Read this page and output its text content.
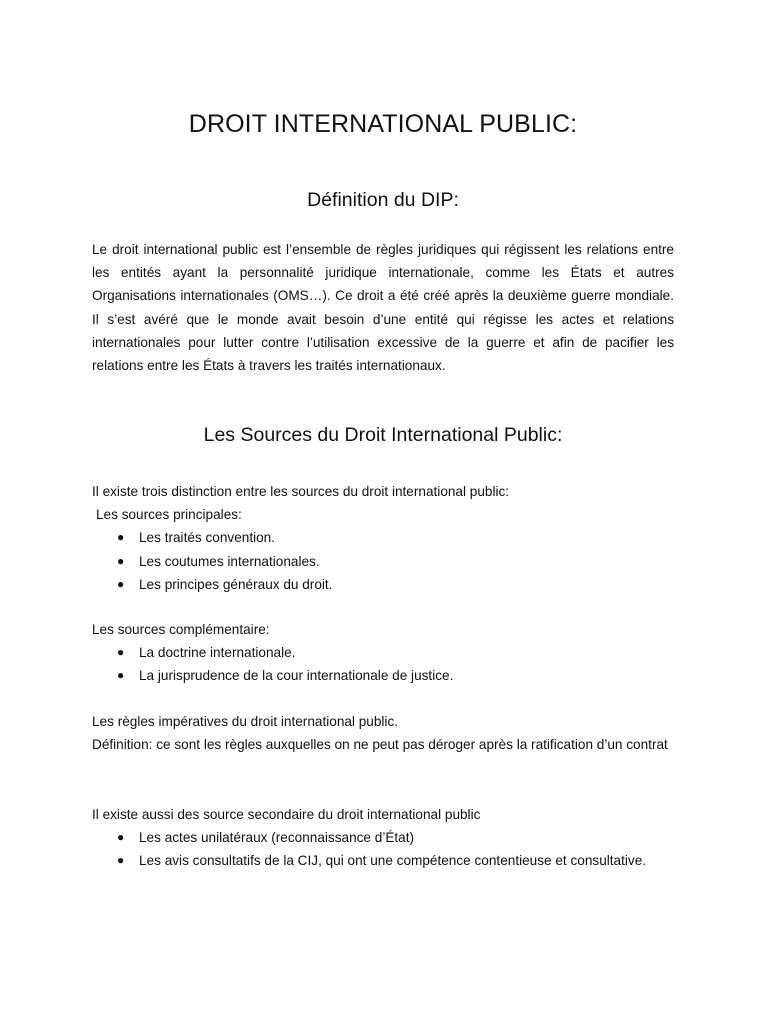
DROIT INTERNATIONAL PUBLIC:
Définition du DIP:

Le droit international public est l’ensemble de règles juridiques qui régissent les relations entre les entités ayant la personnalité juridique internationale, comme les États et autres Organisations internationales (OMS…). Ce droit a été créé après la deuxième guerre mondiale. Il s’est avéré que le monde avait besoin d’une entité qui régisse les actes et relations internationales pour lutter contre l’utilisation excessive de la guerre et afin de pacifier les relations entre les États à travers les traités internationaux.

Les Sources du Droit International Public:

Il existe trois distinction entre les sources du droit international public:

Les sources principales:

● Les traités convention.
● Les coutumes internationales.
● Les principes généraux du droit.

Les sources complémentaire:

● La doctrine internationale.
● La jurisprudence de la cour internationale de justice.

Les règles impératives du droit international public.

Définition: ce sont les règles auxquelles on ne peut pas déroger après la ratification d’un contrat

Il existe aussi des source secondaire du droit international public

● Les actes unilatéraux (reconnaissance d’État)
● Les avis consultatifs de la CIJ, qui ont une compétence contentieuse et consultative.
